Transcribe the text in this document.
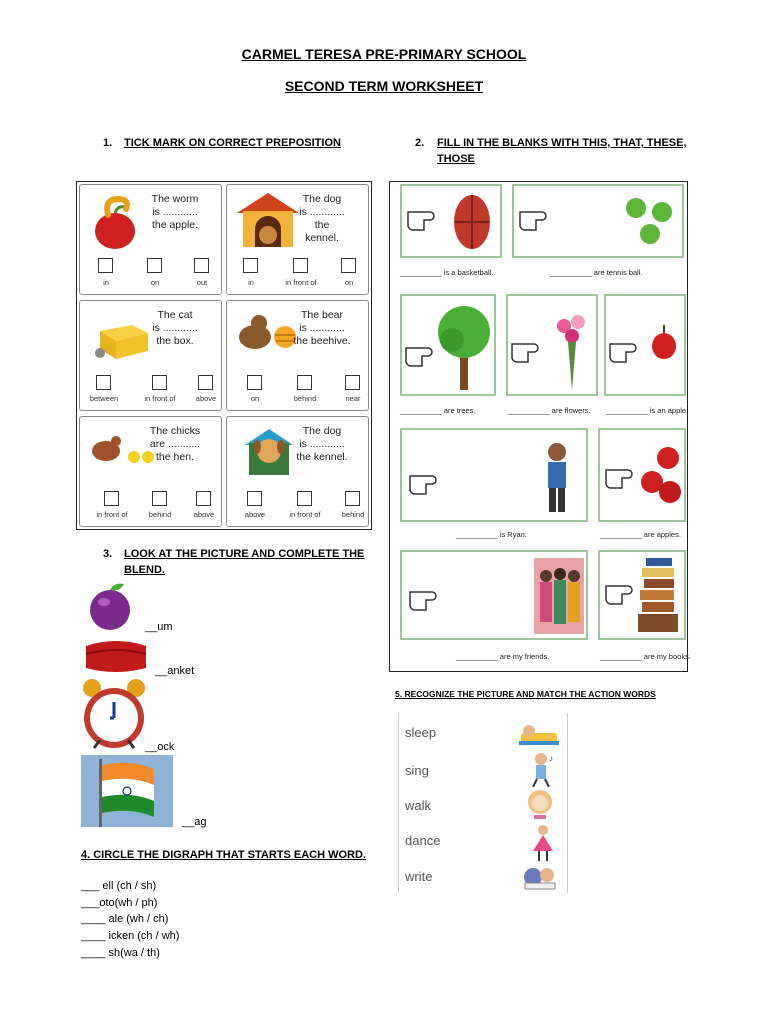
CARMEL TERESA PRE-PRIMARY SCHOOL
SECOND TERM WORKSHEET
1. TICK MARK ON CORRECT PREPOSITION	2. FILL IN THE BLANKS WITH THIS, THAT, THESE,
THOSE
The worm
is ............
the apple.
in	on	out
The dog
is ............
the
kennel.
in	in front of	on
The cat
is ............
the box.
between	in front of	above
The bear
is ............
the beehive.
on	behind	near
The chicks
are ...........
the hen.
in front of	behind	above
The dog
is ............
the kennel.
above	in front of	behind
__________ is a basketball.	__________ are tennis ball.
__________ are trees.	__________ are flowers. __________ is an apple.
__________ is Ryan.	__________ are apples.
__________ are my friends.	__________ are my books.
3. LOOK AT THE PICTURE AND COMPLETE THE
BLEND.
__um
__anket
__ock
__ag
4. CIRCLE THE DIGRAPH THAT STARTS EACH WORD.
___ ell (ch / sh)
___oto(wh / ph)
____ ale (wh / ch)
____ icken (ch / wh)
____ sh(wa / th)
5. RECOGNIZE THE PICTURE AND MATCH THE ACTION WORDS
sleep
sing
walk
dance
write
♪
